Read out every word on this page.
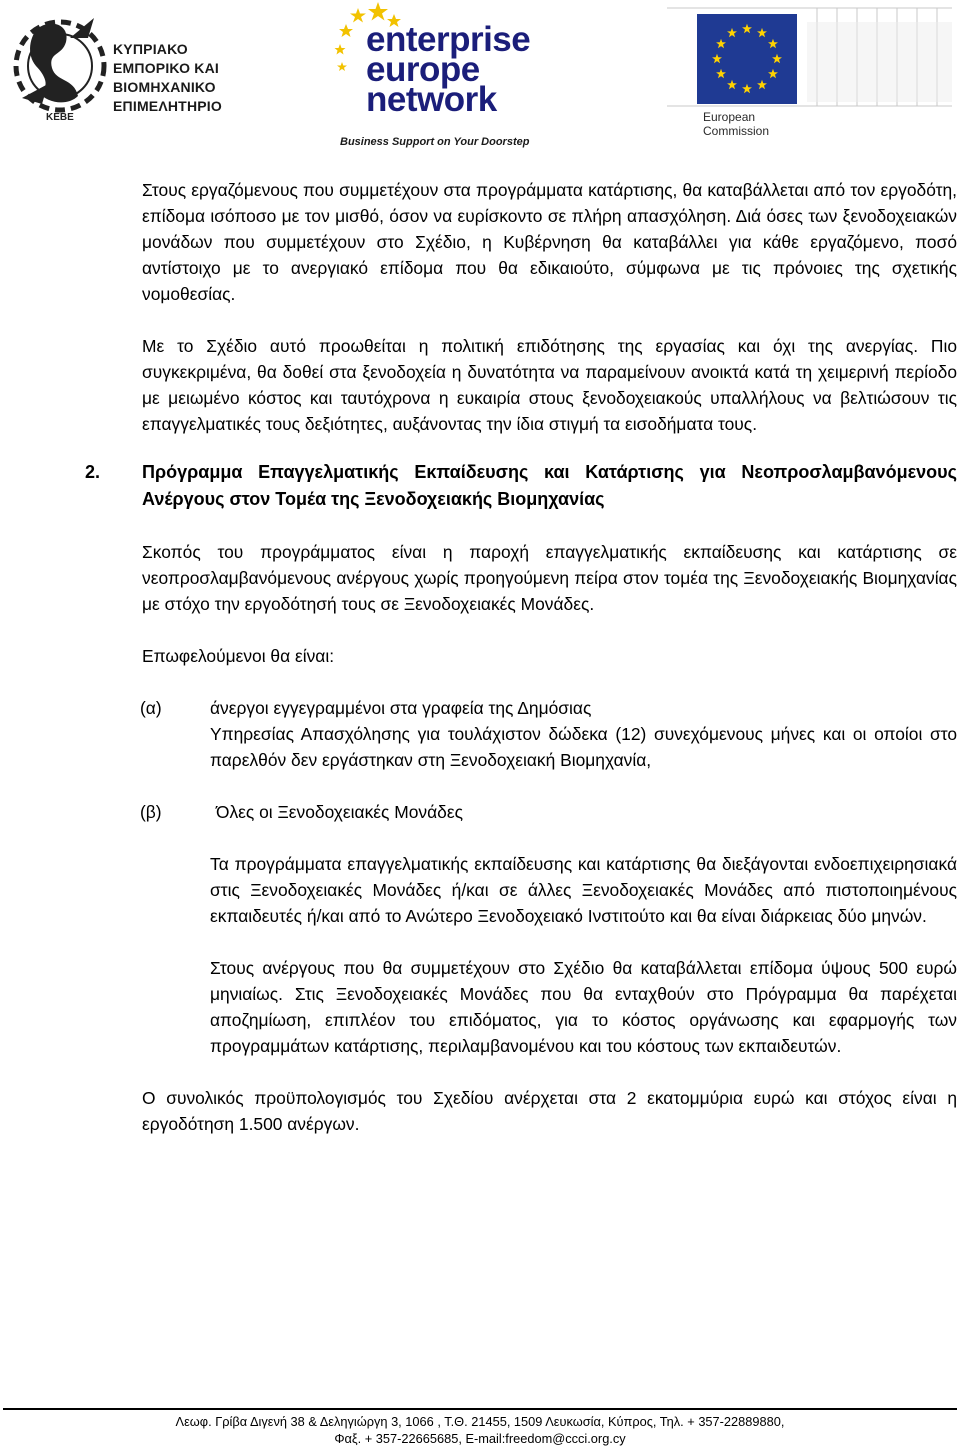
ΚΕΒΕ
ΚΥΠΡΙΑΚΟ
ΕΜΠΟΡΙΚΟ ΚΑΙ
ΒΙΟΜΗΧΑΝΙΚΟ
ΕΠΙΜΕΛΗΤΗΡΙΟ
enterprise
europe
network
Business Support on Your Doorstep
European
Commission

Στους εργαζόμενους που συμμετέχουν στα προγράμματα κατάρτισης, θα καταβάλλεται από τον εργοδότη, επίδομα ισόποσο με τον μισθό, όσον να ευρίσκοντο σε πλήρη απασχόληση. Διά όσες των ξενοδοχειακών μονάδων που συμμετέχουν στο Σχέδιο, η Κυβέρνηση θα καταβάλλει για κάθε εργαζόμενο, ποσό αντίστοιχο με το ανεργιακό επίδομα που θα εδικαιούτο, σύμφωνα με τις πρόνοιες της σχετικής νομοθεσίας.

Με το Σχέδιο αυτό προωθείται η πολιτική επιδότησης της εργασίας και όχι της ανεργίας. Πιο συγκεκριμένα, θα δοθεί στα ξενοδοχεία η δυνατότητα να παραμείνουν ανοικτά κατά τη χειμερινή περίοδο με μειωμένο κόστος και ταυτόχρονα η ευκαιρία στους ξενοδοχειακούς υπαλλήλους να βελτιώσουν τις επαγγελματικές τους δεξιότητες, αυξάνοντας την ίδια στιγμή τα εισοδήματα τους.

2. Πρόγραμμα Επαγγελματικής Εκπαίδευσης και Κατάρτισης για Νεοπροσλαμβανόμενους Ανέργους στον Τομέα της Ξενοδοχειακής Βιομηχανίας

Σκοπός του προγράμματος είναι η παροχή επαγγελματικής εκπαίδευσης και κατάρτισης σε νεοπροσλαμβανόμενους ανέργους χωρίς προηγούμενη πείρα στον τομέα της Ξενοδοχειακής Βιομηχανίας με στόχο την εργοδότησή τους σε Ξενοδοχειακές Μονάδες.

Επωφελούμενοι θα είναι:

(α)	άνεργοι εγγεγραμμένοι στα γραφεία της Δημόσιας
Υπηρεσίας Απασχόλησης για τουλάχιστον δώδεκα (12) συνεχόμενους μήνες και οι οποίοι στο παρελθόν δεν εργάστηκαν στη Ξενοδοχειακή Βιομηχανία,
(β)	Όλες οι Ξενοδοχειακές Μονάδες
Τα προγράμματα επαγγελματικής εκπαίδευσης και κατάρτισης θα διεξάγονται ενδοεπιχειρησιακά στις Ξενοδοχειακές Μονάδες ή/και σε άλλες Ξενοδοχειακές Μονάδες από πιστοποιημένους εκπαιδευτές ή/και από το Ανώτερο Ξενοδοχειακό Ινστιτούτο και θα είναι διάρκειας δύο μηνών.
Στους ανέργους που θα συμμετέχουν στο Σχέδιο θα καταβάλλεται επίδομα ύψους 500 ευρώ μηνιαίως. Στις Ξενοδοχειακές Μονάδες που θα ενταχθούν στο Πρόγραμμα θα παρέχεται αποζημίωση, επιπλέον του επιδόματος, για το κόστος οργάνωσης και εφαρμογής των προγραμμάτων κατάρτισης, περιλαμβανομένου και του κόστους των εκπαιδευτών.

Ο συνολικός προϋπολογισμός του Σχεδίου ανέρχεται στα 2 εκατομμύρια ευρώ και στόχος είναι η εργοδότηση 1.500 ανέργων.

Λεωφ. Γρίβα Διγενή 38 & Δεληγιώργη 3, 1066 , Τ.Θ. 21455, 1509 Λευκωσία, Κύπρος, Τηλ. + 357-22889880,
Φαξ. + 357-22665685, E-mail:freedom@ccci.org.cy
